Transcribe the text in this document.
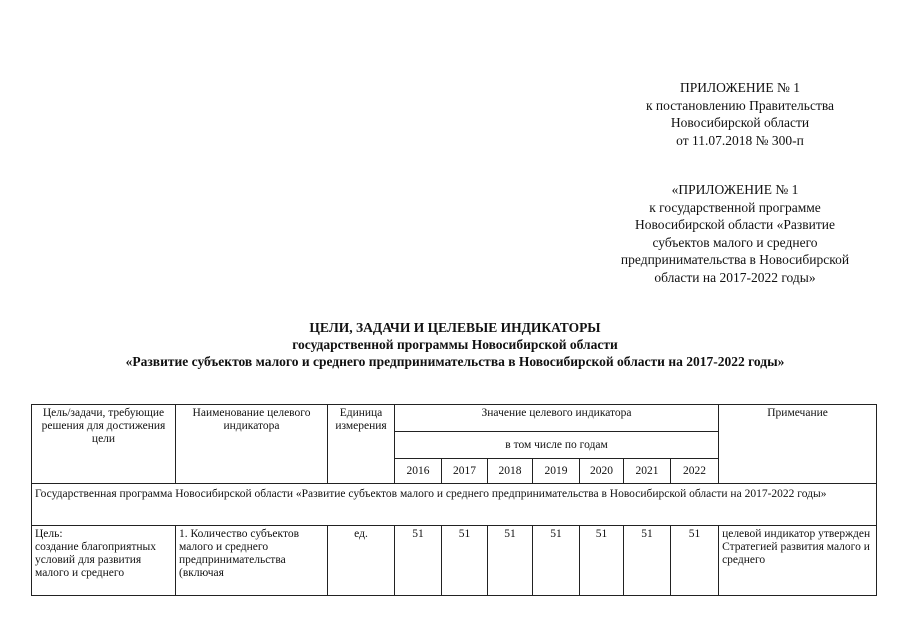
ПРИЛОЖЕНИЕ № 1
к постановлению Правительства
Новосибирской области
от 11.07.2018 № 300-п
«ПРИЛОЖЕНИЕ № 1
к государственной программе
Новосибирской области «Развитие
субъектов малого и среднего
предпринимательства в Новосибирской
области на 2017-2022 годы»
ЦЕЛИ, ЗАДАЧИ И ЦЕЛЕВЫЕ ИНДИКАТОРЫ
государственной программы Новосибирской области
«Развитие субъектов малого и среднего предпринимательства в Новосибирской области на 2017-2022 годы»
Цель/задачи, требующие решения для достижения цели	Наименование целевого индикатора	Единица измерения	Значение целевого индикатора							Примечание
			в том числе по годам							
			2016	2017	2018	2019	2020	2021	2022	
Государственная программа Новосибирской области «Развитие субъектов малого и среднего предпринимательства в Новосибирской области на 2017-2022 годы»										

Цель:
создание благоприятных условий для развития малого и среднего	1. Количество субъектов малого и среднего предпринимательства (включая	ед.	51	51	51	51	51	51	51	целевой индикатор утвержден Стратегией развития малого и среднего
